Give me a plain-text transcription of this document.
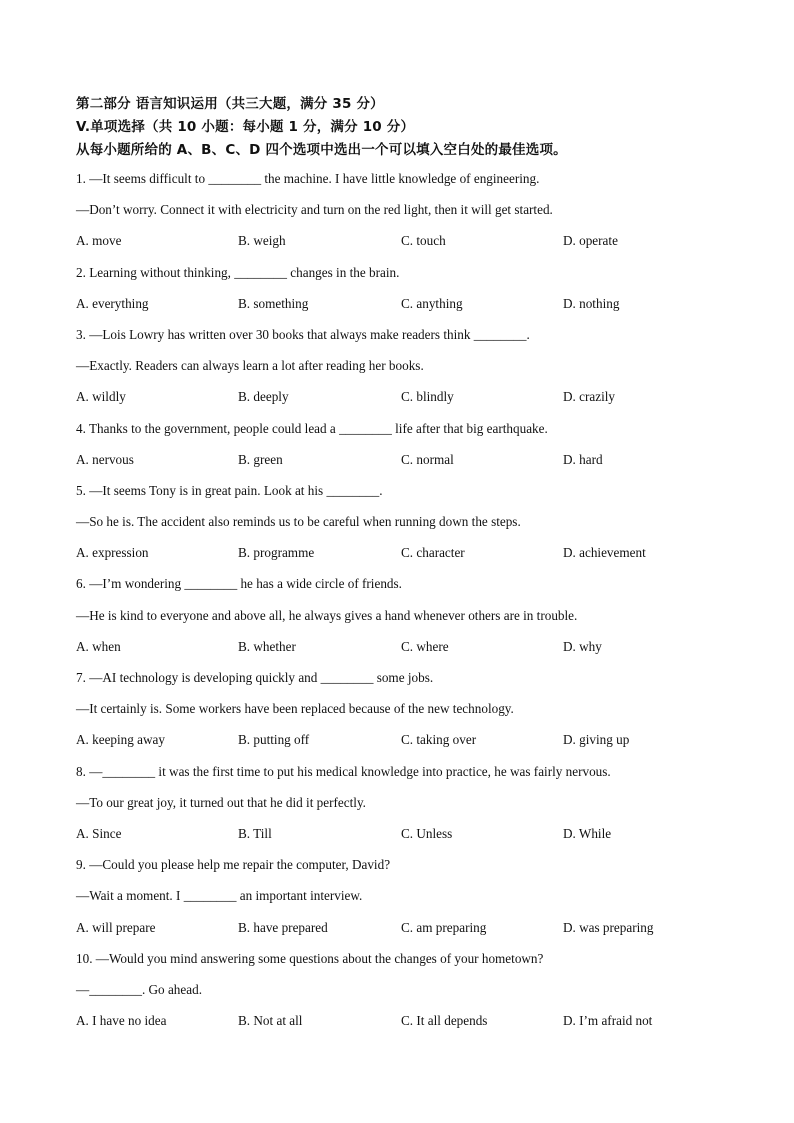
第二部分 语言知识运用（共三大题，满分 35 分）
V.单项选择（共 10 小题：每小题 1 分，满分 10 分）
从每小题所给的 A、B、C、D 四个选项中选出一个可以填入空白处的最佳选项。
1. —It seems difficult to ________ the machine. I have little knowledge of engineering.
—Don’t worry. Connect it with electricity and turn on the red light, then it will get started.
A. move	B. weigh	C. touch	D. operate
2. Learning without thinking, ________ changes in the brain.
A. everything	B. something	C. anything	D. nothing
3. —Lois Lowry has written over 30 books that always make readers think ________.
—Exactly. Readers can always learn a lot after reading her books.
A. wildly	B. deeply	C. blindly	D. crazily
4. Thanks to the government, people could lead a ________ life after that big earthquake.
A. nervous	B. green	C. normal	D. hard
5. —It seems Tony is in great pain. Look at his ________.
—So he is. The accident also reminds us to be careful when running down the steps.
A. expression	B. programme	C. character	D. achievement
6. —I’m wondering ________ he has a wide circle of friends.
—He is kind to everyone and above all, he always gives a hand whenever others are in trouble.
A. when	B. whether	C. where	D. why
7. —AI technology is developing quickly and ________ some jobs.
—It certainly is. Some workers have been replaced because of the new technology.
A. keeping away	B. putting off	C. taking over	D. giving up
8. —________ it was the first time to put his medical knowledge into practice, he was fairly nervous.
—To our great joy, it turned out that he did it perfectly.
A. Since	B. Till	C. Unless	D. While
9. —Could you please help me repair the computer, David?
—Wait a moment. I ________ an important interview.
A. will prepare	B. have prepared	C. am preparing	D. was preparing
10. —Would you mind answering some questions about the changes of your hometown?
—________. Go ahead.
A. I have no idea	B. Not at all	C. It all depends	D. I’m afraid not
